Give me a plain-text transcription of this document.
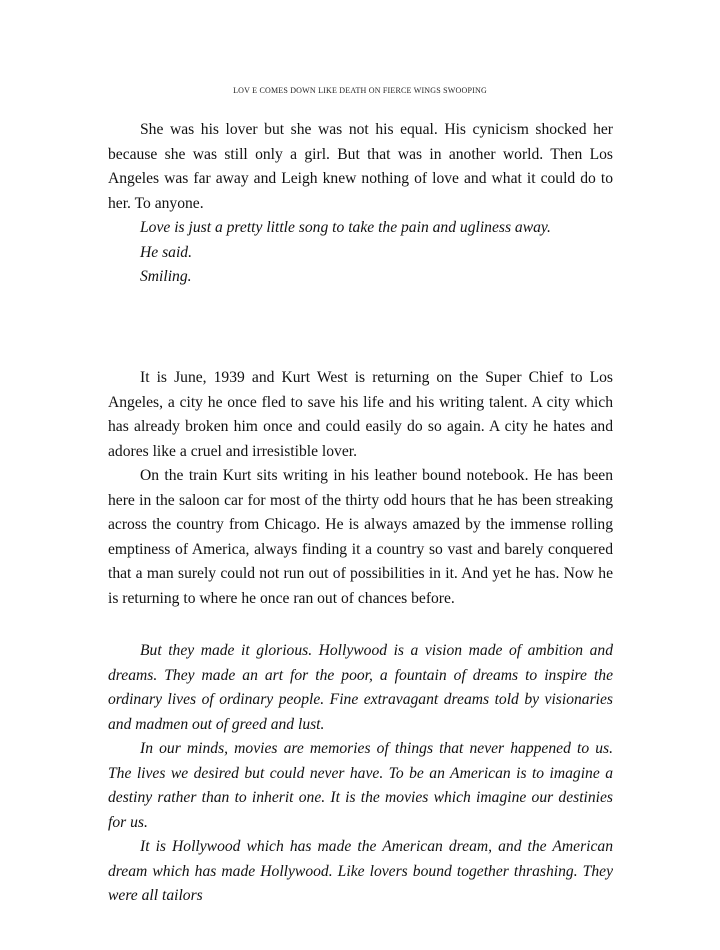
LOV E COMES DOWN LIKE DEATH ON FIERCE WINGS SWOOPING

She was his lover but she was not his equal. His cynicism shocked her because she was still only a girl. But that was in another world. Then Los Angeles was far away and Leigh knew nothing of love and what it could do to her. To anyone.

Love is just a pretty little song to take the pain and ugliness away.
He said.
Smiling.

It is June, 1939 and Kurt West is returning on the Super Chief to Los Angeles, a city he once fled to save his life and his writing talent. A city which has already broken him once and could easily do so again. A city he hates and adores like a cruel and irresistible lover.

On the train Kurt sits writing in his leather bound notebook. He has been here in the saloon car for most of the thirty odd hours that he has been streaking across the country from Chicago. He is always amazed by the immense rolling emptiness of America, always finding it a country so vast and barely conquered that a man surely could not run out of possibilities in it. And yet he has. Now he is returning to where he once ran out of chances before.

But they made it glorious. Hollywood is a vision made of ambition and dreams. They made an art for the poor, a fountain of dreams to inspire the ordinary lives of ordinary people. Fine extravagant dreams told by visionaries and madmen out of greed and lust.

In our minds, movies are memories of things that never happened to us. The lives we desired but could never have. To be an American is to imagine a destiny rather than to inherit one. It is the movies which imagine our destinies for us.

It is Hollywood which has made the American dream, and the American dream which has made Hollywood. Like lovers bound together thrashing. They were all tailors
